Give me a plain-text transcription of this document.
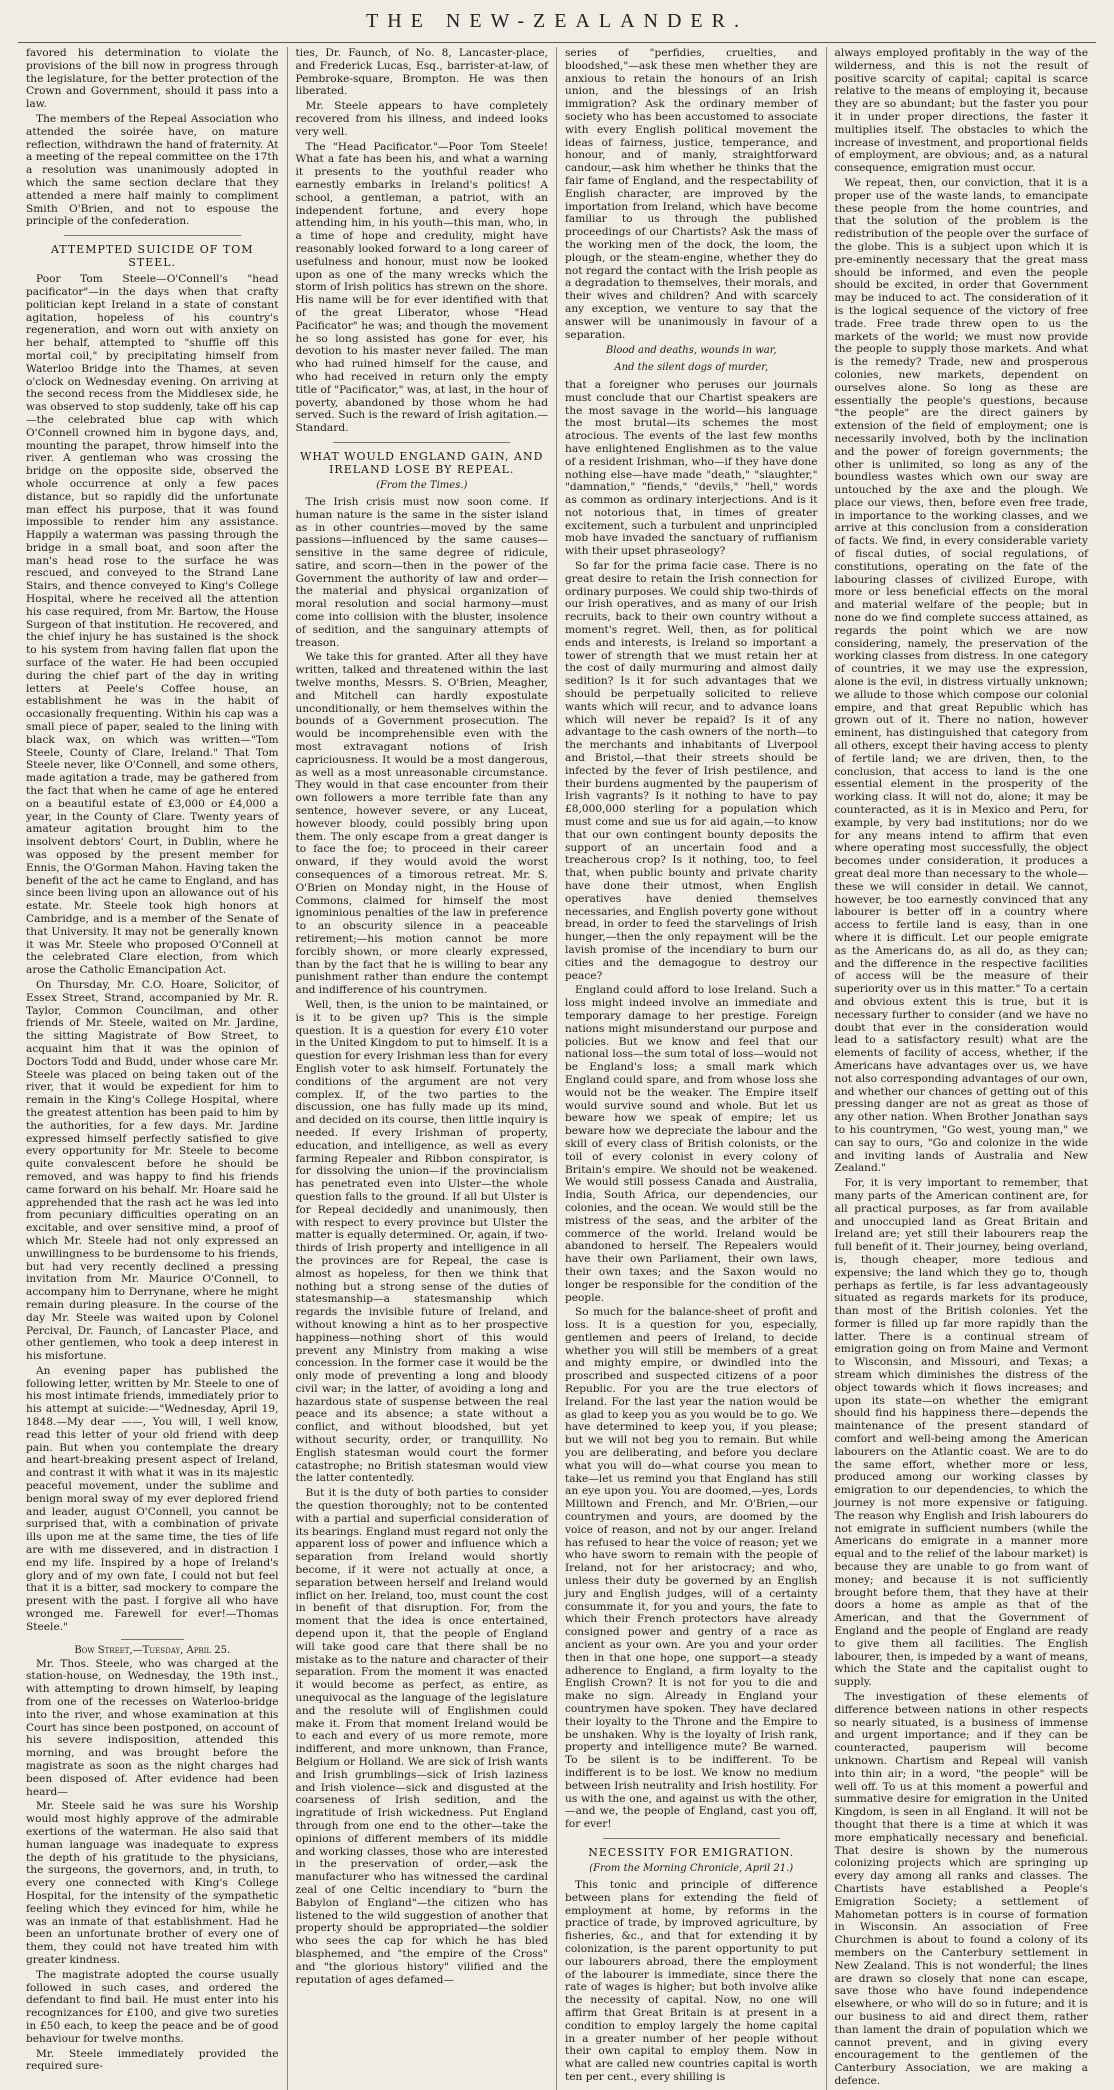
THE NEW-ZEALANDER.

favored his determination to violate the provisions of the bill now in progress through the legislature, for the better protection of the Crown and Government, should it pass into a law.

The members of the Repeal Association who attended the soirée have, on mature reflection, withdrawn the hand of fraternity. At a meeting of the repeal committee on the 17th a resolution was unanimously adopted in which the same section declare that they attended a mere half mainly to compliment Smith O'Brien, and not to espouse the principle of the confederation.

ATTEMPTED SUICIDE OF TOM STEEL.

Poor Tom Steele—O'Connell's "head pacificator"—in the days when that crafty politician kept Ireland in a state of constant agitation, hopeless of his country's regeneration, and worn out with anxiety on her behalf, attempted to "shuffle off this mortal coil," by precipitating himself from Waterloo Bridge into the Thames, at seven o'clock on Wednesday evening. On arriving at the second recess from the Middlesex side, he was observed to stop suddenly, take off his cap—the celebrated blue cap with which O'Connell crowned him in bygone days, and, mounting the parapet, throw himself into the river. A gentleman who was crossing the bridge on the opposite side, observed the whole occurrence at only a few paces distance, but so rapidly did the unfortunate man effect his purpose, that it was found impossible to render him any assistance. Happily a waterman was passing through the bridge in a small boat, and soon after the man's head rose to the surface he was rescued, and conveyed to the Strand Lane Stairs, and thence conveyed to King's College Hospital, where he received all the attention his case required, from Mr. Bartow, the House Surgeon of that institution. He recovered, and the chief injury he has sustained is the shock to his system from having fallen flat upon the surface of the water. He had been occupied during the chief part of the day in writing letters at Peele's Coffee house, an establishment he was in the habit of occasionally frequenting. Within his cap was a small piece of paper, sealed to the lining with black wax, on which was written—"Tom Steele, County of Clare, Ireland." That Tom Steele never, like O'Connell, and some others, made agitation a trade, may be gathered from the fact that when he came of age he entered on a beautiful estate of £3,000 or £4,000 a year, in the County of Clare. Twenty years of amateur agitation brought him to the insolvent debtors' Court, in Dublin, where he was opposed by the present member for Ennis, the O'Gorman Mahon. Having taken the benefit of the act he came to England, and has since been living upon an allowance out of his estate. Mr. Steele took high honors at Cambridge, and is a member of the Senate of that University. It may not be generally known it was Mr. Steele who proposed O'Connell at the celebrated Clare election, from which arose the Catholic Emancipation Act.

On Thursday, Mr. C.O. Hoare, Solicitor, of Essex Street, Strand, accompanied by Mr. R. Taylor, Common Councilman, and other friends of Mr. Steele, waited on Mr. Jardine, the sitting Magistrate of Bow Street, to acquaint him that it was the opinion of Doctors Todd and Budd, under whose care Mr. Steele was placed on being taken out of the river, that it would be expedient for him to remain in the King's College Hospital, where the greatest attention has been paid to him by the authorities, for a few days. Mr. Jardine expressed himself perfectly satisfied to give every opportunity for Mr. Steele to become quite convalescent before he should be removed, and was happy to find his friends came forward on his behalf. Mr. Hoare said he apprehended that the rash act he was led into from pecuniary difficulties operating on an excitable, and over sensitive mind, a proof of which Mr. Steele had not only expressed an unwillingness to be burdensome to his friends, but had very recently declined a pressing invitation from Mr. Maurice O'Connell, to accompany him to Derrynane, where he might remain during pleasure. In the course of the day Mr. Steele was waited upon by Colonel Percival, Dr. Faunch, of Lancaster Place, and other gentlemen, who took a deep interest in his misfortune.

An evening paper has published the following letter, written by Mr. Steele to one of his most intimate friends, immediately prior to his attempt at suicide:—"Wednesday, April 19, 1848.—My dear ——, You will, I well know, read this letter of your old friend with deep pain. But when you contemplate the dreary and heart-breaking present aspect of Ireland, and contrast it with what it was in its majestic peaceful movement, under the sublime and benign moral sway of my ever deplored friend and leader, august O'Connell, you cannot be surprised that, with a combination of private ills upon me at the same time, the ties of life are with me dissevered, and in distraction I end my life. Inspired by a hope of Ireland's glory and of my own fate, I could not but feel that it is a bitter, sad mockery to compare the present with the past. I forgive all who have wronged me. Farewell for ever!—Thomas Steele."

Bow Street,—Tuesday, April 25.

Mr. Thos. Steele, who was charged at the station-house, on Wednesday, the 19th inst., with attempting to drown himself, by leaping from one of the recesses on Waterloo-bridge into the river, and whose examination at this Court has since been postponed, on account of his severe indisposition, attended this morning, and was brought before the magistrate as soon as the night charges had been disposed of. After evidence had been heard—

Mr. Steele said he was sure his Worship would most highly approve of the admirable exertions of the waterman. He also said that human language was inadequate to express the depth of his gratitude to the physicians, the surgeons, the governors, and, in truth, to every one connected with King's College Hospital, for the intensity of the sympathetic feeling which they evinced for him, while he was an inmate of that establishment. Had he been an unfortunate brother of every one of them, they could not have treated him with greater kindness.

The magistrate adopted the course usually followed in such cases, and ordered the defendant to find bail. He must enter into his recognizances for £100, and give two sureties in £50 each, to keep the peace and be of good behaviour for twelve months.

Mr. Steele immediately provided the required sure-

ties, Dr. Faunch, of No. 8, Lancaster-place, and Frederick Lucas, Esq., barrister-at-law, of Pembroke-square, Brompton. He was then liberated.

Mr. Steele appears to have completely recovered from his illness, and indeed looks very well.

The "Head Pacificator."—Poor Tom Steele! What a fate has been his, and what a warning it presents to the youthful reader who earnestly embarks in Ireland's politics! A school, a gentleman, a patriot, with an independent fortune, and every hope attending him, in his youth—this man, who, in a time of hope and credulity, might have reasonably looked forward to a long career of usefulness and honour, must now be looked upon as one of the many wrecks which the storm of Irish politics has strewn on the shore. His name will be for ever identified with that of the great Liberator, whose "Head Pacificator" he was; and though the movement he so long assisted has gone for ever, his devotion to his master never failed. The man who had ruined himself for the cause, and who had received in return only the empty title of "Pacificator," was, at last, in the hour of poverty, abandoned by those whom he had served. Such is the reward of Irish agitation.—Standard.

WHAT WOULD ENGLAND GAIN, AND IRELAND LOSE BY REPEAL.
(From the Times.)

The Irish crisis must now soon come. If human nature is the same in the sister island as in other countries—moved by the same passions—influenced by the same causes—sensitive in the same degree of ridicule, satire, and scorn—then in the power of the Government the authority of law and order—the material and physical organization of moral resolution and social harmony—must come into collision with the bluster, insolence of sedition, and the sanguinary attempts of treason.

We take this for granted. After all they have written, talked and threatened within the last twelve months, Messrs. S. O'Brien, Meagher, and Mitchell can hardly expostulate unconditionally, or hem themselves within the bounds of a Government prosecution. The would be incomprehensible even with the most extravagant notions of Irish capriciousness. It would be a most dangerous, as well as a most unreasonable circumstance. They would in that case encounter from their own followers a more terrible fate than any sentence, however severe, or any Luceat, however bloody, could possibly bring upon them. The only escape from a great danger is to face the foe; to proceed in their career onward, if they would avoid the worst consequences of a timorous retreat. Mr. S. O'Brien on Monday night, in the House of Commons, claimed for himself the most ignominious penalties of the law in preference to an obscurity silence in a peaceable retirement;—his motion cannot be more forcibly shown, or more clearly expressed, than by the fact that he is willing to bear any punishment rather than endure the contempt and indifference of his countrymen.

Well, then, is the union to be maintained, or is it to be given up? This is the simple question. It is a question for every £10 voter in the United Kingdom to put to himself. It is a question for every Irishman less than for every English voter to ask himself. Fortunately the conditions of the argument are not very complex. If, of the two parties to the discussion, one has fully made up its mind, and decided on its course, then little inquiry is needed. If every Irishman of property, education, and intelligence, as well as every farming Repealer and Ribbon conspirator, is for dissolving the union—if the provincialism has penetrated even into Ulster—the whole question falls to the ground. If all but Ulster is for Repeal decidedly and unanimously, then with respect to every province but Ulster the matter is equally determined. Or, again, if two-thirds of Irish property and intelligence in all the provinces are for Repeal, the case is almost as hopeless, for then we think that nothing but a strong sense of the duties of statesmanship—a statesmanship which regards the invisible future of Ireland, and without knowing a hint as to her prospective happiness—nothing short of this would prevent any Ministry from making a wise concession. In the former case it would be the only mode of preventing a long and bloody civil war; in the latter, of avoiding a long and hazardous state of suspense between the real peace and its absence; a state without a conflict, and without bloodshed, but yet without security, order, or tranquillity. No English statesman would court the former catastrophe; no British statesman would view the latter contentedly.

But it is the duty of both parties to consider the question thoroughly; not to be contented with a partial and superficial consideration of its bearings. England must regard not only the apparent loss of power and influence which a separation from Ireland would shortly become, if it were not actually at once, a separation between herself and Ireland would inflict on her. Ireland, too, must count the cost in benefit of that disruption. For, from the moment that the idea is once entertained, depend upon it, that the people of England will take good care that there shall be no mistake as to the nature and character of their separation. From the moment it was enacted it would become as perfect, as entire, as unequivocal as the language of the legislature and the resolute will of Englishmen could make it. From that moment Ireland would be to each and every of us more remote, more indifferent, and more unknown, than France, Belgium or Holland. We are sick of Irish wants and Irish grumblings—sick of Irish laziness and Irish violence—sick and disgusted at the coarseness of Irish sedition, and the ingratitude of Irish wickedness. Put England through from one end to the other—take the opinions of different members of its middle and working classes, those who are interested in the preservation of order,—ask the manufacturer who has witnessed the cardinal zeal of one Celtic incendiary to "burn the Babylon of England"—the citizen who has listened to the wild suggestion of another that property should be appropriated—the soldier who sees the cap for which he has bled blasphemed, and "the empire of the Cross" and "the glorious history" vilified and the reputation of ages defamed—

series of "perfidies, cruelties, and bloodshed,"—ask these men whether they are anxious to retain the honours of an Irish union, and the blessings of an Irish immigration? Ask the ordinary member of society who has been accustomed to associate with every English political movement the ideas of fairness, justice, temperance, and honour, and of manly, straightforward candour,—ask him whether he thinks that the fair fame of England, and the respectability of English character, are improved by the importation from Ireland, which have become familiar to us through the published proceedings of our Chartists? Ask the mass of the working men of the dock, the loom, the plough, or the steam-engine, whether they do not regard the contact with the Irish people as a degradation to themselves, their morals, and their wives and children? And with scarcely any exception, we venture to say that the answer will be unanimously in favour of a separation.

Blood and deaths, wounds in war,

And the silent dogs of murder,

that a foreigner who peruses our journals must conclude that our Chartist speakers are the most savage in the world—his language the most brutal—its schemes the most atrocious. The events of the last few months have enlightened Englishmen as to the value of a resident Irishman, who—if they have done nothing else—have made "death," "slaughter," "damnation," "fiends," "devils," "hell," words as common as ordinary interjections. And is it not notorious that, in times of greater excitement, such a turbulent and unprincipled mob have invaded the sanctuary of ruffianism with their upset phraseology?

So far for the prima facie case. There is no great desire to retain the Irish connection for ordinary purposes. We could ship two-thirds of our Irish operatives, and as many of our Irish recruits, back to their own country without a moment's regret. Well, then, as for political ends and interests, is Ireland so important a tower of strength that we must retain her at the cost of daily murmuring and almost daily sedition? Is it for such advantages that we should be perpetually solicited to relieve wants which will recur, and to advance loans which will never be repaid? Is it of any advantage to the cash owners of the north—to the merchants and inhabitants of Liverpool and Bristol,—that their streets should be infected by the fever of Irish pestilence, and their burdens augmented by the pauperism of Irish vagrants? Is it nothing to have to pay £8,000,000 sterling for a population which must come and sue us for aid again,—to know that our own contingent bounty deposits the support of an uncertain food and a treacherous crop? Is it nothing, too, to feel that, when public bounty and private charity have done their utmost, when English operatives have denied themselves necessaries, and English poverty gone without bread, in order to feed the starvelings of Irish hunger,—then the only repayment will be the lavish promise of the incendiary to burn our cities and the demagogue to destroy our peace?

England could afford to lose Ireland. Such a loss might indeed involve an immediate and temporary damage to her prestige. Foreign nations might misunderstand our purpose and policies. But we know and feel that our national loss—the sum total of loss—would not be England's loss; a small mark which England could spare, and from whose loss she would not be the weaker. The Empire itself would survive sound and whole. But let us beware how we speak of empire; let us beware how we depreciate the labour and the skill of every class of British colonists, or the toil of every colonist in every colony of Britain's empire. We should not be weakened. We would still possess Canada and Australia, India, South Africa, our dependencies, our colonies, and the ocean. We would still be the mistress of the seas, and the arbiter of the commerce of the world. Ireland would be abandoned to herself. The Repealers would have their own Parliament, their own laws, their own taxes; and the Saxon would no longer be responsible for the condition of the people.

So much for the balance-sheet of profit and loss. It is a question for you, especially, gentlemen and peers of Ireland, to decide whether you will still be members of a great and mighty empire, or dwindled into the proscribed and suspected citizens of a poor Republic. For you are the true electors of Ireland. For the last year the nation would be as glad to keep you as you would be to go. We have determined to keep you, if you please; but we will not beg you to remain. But while you are deliberating, and before you declare what you will do—what course you mean to take—let us remind you that England has still an eye upon you. You are doomed,—yes, Lords Milltown and French, and Mr. O'Brien,—our countrymen and yours, are doomed by the voice of reason, and not by our anger. Ireland has refused to hear the voice of reason; yet we who have sworn to remain with the people of Ireland, not for her aristocracy; and who, unless their duty be governed by an English jury and English judges, will of a certainty consummate it, for you and yours, the fate to which their French protectors have already consigned power and gentry of a race as ancient as your own. Are you and your order then in that one hope, one support—a steady adherence to England, a firm loyalty to the English Crown? It is not for you to die and make no sign. Already in England your countrymen have spoken. They have declared their loyalty to the Throne and the Empire to be unshaken. Why is the loyalty of Irish rank, property and intelligence mute? Be warned. To be silent is to be indifferent. To be indifferent is to be lost. We know no medium between Irish neutrality and Irish hostility. For us with the one, and against us with the other,—and we, the people of England, cast you off, for ever!

NECESSITY FOR EMIGRATION.
(From the Morning Chronicle, April 21.)

This tonic and principle of difference between plans for extending the field of employment at home, by reforms in the practice of trade, by improved agriculture, by fisheries, &c., and that for extending it by colonization, is the parent opportunity to put our labourers abroad, there the employment of the labourer is immediate, since there the rate of wages is higher; but both involve alike the necessity of capital. Now, no one will affirm that Great Britain is at present in a condition to employ largely the home capital in a greater number of her people without their own capital to employ them. Now in what are called new countries capital is worth ten per cent., every shilling is

always employed profitably in the way of the wilderness, and this is not the result of positive scarcity of capital; capital is scarce relative to the means of employing it, because they are so abundant; but the faster you pour it in under proper directions, the faster it multiplies itself. The obstacles to which the increase of investment, and proportional fields of employment, are obvious; and, as a natural consequence, emigration must occur.

We repeat, then, our conviction, that it is a proper use of the waste lands, to emancipate these people from the home countries, and that the solution of the problem is the redistribution of the people over the surface of the globe. This is a subject upon which it is pre-eminently necessary that the great mass should be informed, and even the people should be excited, in order that Government may be induced to act. The consideration of it is the logical sequence of the victory of free trade. Free trade threw open to us the markets of the world; we must now provide the people to supply those markets. And what is the remedy? Trade, new and prosperous colonies, new markets, dependent on ourselves alone. So long as these are essentially the people's questions, because "the people" are the direct gainers by extension of the field of employment; one is necessarily involved, both by the inclination and the power of foreign governments; the other is unlimited, so long as any of the boundless wastes which own our sway are untouched by the axe and the plough. We place our views, then, before even free trade, in importance to the working classes, and we arrive at this conclusion from a consideration of facts. We find, in every considerable variety of fiscal duties, of social regulations, of constitutions, operating on the fate of the labouring classes of civilized Europe, with more or less beneficial effects on the moral and material welfare of the people; but in none do we find complete success attained, as regards the point which we are now considering, namely, the preservation of the working classes from distress. In one category of countries, it we may use the expression, alone is the evil, in distress virtually unknown; we allude to those which compose our colonial empire, and that great Republic which has grown out of it. There no nation, however eminent, has distinguished that category from all others, except their having access to plenty of fertile land; we are driven, then, to the conclusion, that access to land is the one essential element in the prosperity of the working class. It will not do, alone; it may be counteracted, as it is in Mexico and Peru, for example, by very bad institutions; nor do we for any means intend to affirm that even where operating most successfully, the object becomes under consideration, it produces a great deal more than necessary to the whole—these we will consider in detail. We cannot, however, be too earnestly convinced that any labourer is better off in a country where access to fertile land is easy, than in one where it is difficult. Let our people emigrate as the Americans do, as all do, as they can; and the difference in the respective facilities of access will be the measure of their superiority over us in this matter." To a certain and obvious extent this is true, but it is necessary further to consider (and we have no doubt that ever in the consideration would lead to a satisfactory result) what are the elements of facility of access, whether, if the Americans have advantages over us, we have not also corresponding advantages of our own, and whether our chances of getting out of this pressing danger are not as great as those of any other nation. When Brother Jonathan says to his countrymen, "Go west, young man," we can say to ours, "Go and colonize in the wide and inviting lands of Australia and New Zealand."

For, it is very important to remember, that many parts of the American continent are, for all practical purposes, as far from available and unoccupied land as Great Britain and Ireland are; yet still their labourers reap the full benefit of it. Their journey, being overland, is, though cheaper, more tedious and expensive; the land which they go to, though perhaps as fertile, is far less advantageously situated as regards markets for its produce, than most of the British colonies. Yet the former is filled up far more rapidly than the latter. There is a continual stream of emigration going on from Maine and Vermont to Wisconsin, and Missouri, and Texas; a stream which diminishes the distress of the object towards which it flows increases; and upon its state—on whether the emigrant should find his happiness there—depends the maintenance of the present standard of comfort and well-being among the American labourers on the Atlantic coast. We are to do the same effort, whether more or less, produced among our working classes by emigration to our dependencies, to which the journey is not more expensive or fatiguing. The reason why English and Irish labourers do not emigrate in sufficient numbers (while the Americans do emigrate in a manner more equal and to the relief of the labour market) is because they are unable to go from want of money; and because it is not sufficiently brought before them, that they have at their doors a home as ample as that of the American, and that the Government of England and the people of England are ready to give them all facilities. The English labourer, then, is impeded by a want of means, which the State and the capitalist ought to supply.

The investigation of these elements of difference between nations in other respects so nearly situated, is a business of immense and urgent importance; and if they can be counteracted, pauperism will become unknown. Chartism and Repeal will vanish into thin air; in a word, "the people" will be well off. To us at this moment a powerful and summative desire for emigration in the United Kingdom, is seen in all England. It will not be thought that there is a time at which it was more emphatically necessary and beneficial. That desire is shown by the numerous colonizing projects which are springing up every day among all ranks and classes. The Chartists have established a People's Emigration Society; a settlement of Mahometan potters is in course of formation in Wisconsin. An association of Free Churchmen is about to found a colony of its members on the Canterbury settlement in New Zealand. This is not wonderful; the lines are drawn so closely that none can escape, save those who have found independence elsewhere, or who will do so in future; and it is our business to aid and direct them, rather than lament the drain of population which we cannot prevent, and in giving every encouragement to the gentlemen of the Canterbury Association, we are making a defence.
